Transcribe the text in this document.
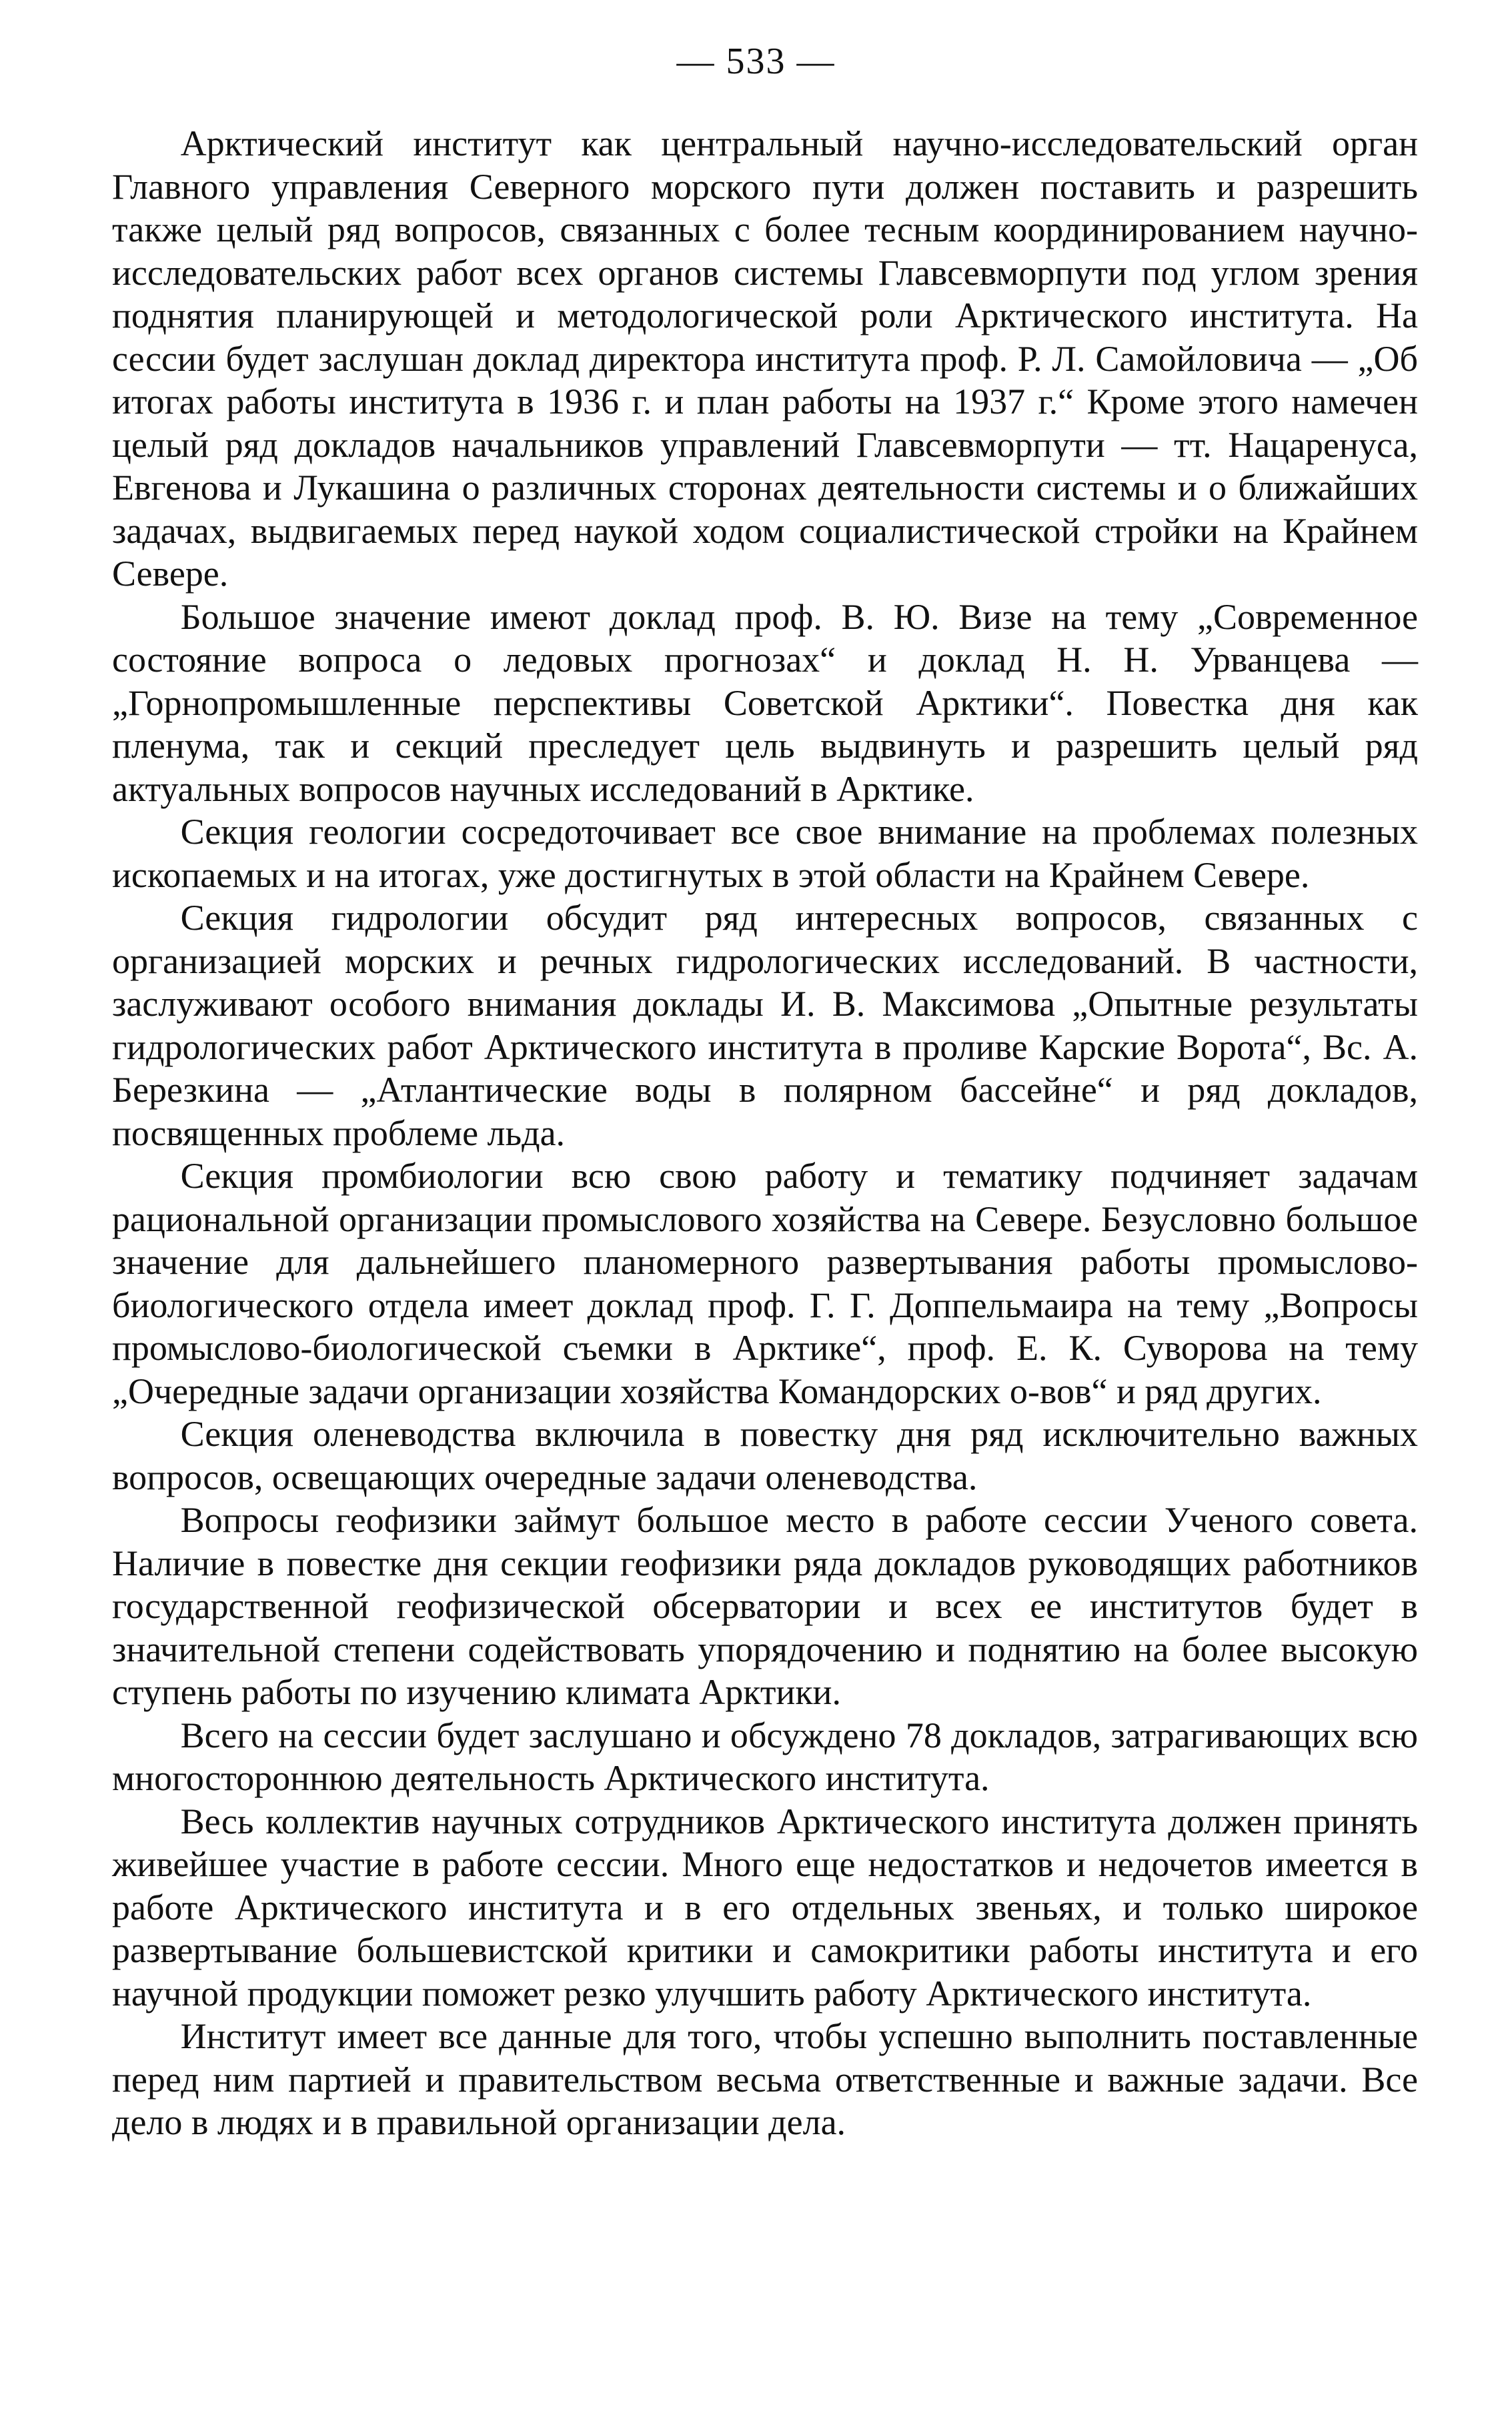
— 533 —

Арктический институт как центральный научно-исследовательский орган Главного управления Северного морского пути должен поставить и разрешить также целый ряд вопросов, связанных с более тесным координированием научно-исследовательских работ всех органов системы Главсевморпути под углом зрения поднятия планирующей и методологической роли Арктического института. На сессии будет заслушан доклад директора института проф. Р. Л. Самойловича — „Об итогах работы института в 1936 г. и план работы на 1937 г.“ Кроме этого намечен целый ряд докладов начальников управлений Главсевморпути — тт. Нацаренуса, Евгенова и Лукашина о различных сторонах деятельности системы и о ближайших задачах, выдвигаемых перед наукой ходом социалистической стройки на Крайнем Севере.

Большое значение имеют доклад проф. В. Ю. Визе на тему „Современное состояние вопроса о ледовых прогнозах“ и доклад Н. Н. Урванцева — „Горнопромышленные перспективы Советской Арктики“. Повестка дня как пленума, так и секций преследует цель выдвинуть и разрешить целый ряд актуальных вопросов научных исследований в Арктике.

Секция геологии сосредоточивает все свое внимание на проблемах полезных ископаемых и на итогах, уже достигнутых в этой области на Крайнем Севере.

Секция гидрологии обсудит ряд интересных вопросов, связанных с организацией морских и речных гидрологических исследований. В частности, заслуживают особого внимания доклады И. В. Максимова „Опытные результаты гидрологических работ Арктического института в проливе Карские Ворота“, Вс. А. Березкина — „Атлантические воды в полярном бассейне“ и ряд докладов, посвященных проблеме льда.

Секция промбиологии всю свою работу и тематику подчиняет задачам рациональной организации промыслового хозяйства на Севере. Безусловно большое значение для дальнейшего планомерного развертывания работы промыслово-биологического отдела имеет доклад проф. Г. Г. Доппельмаира на тему „Вопросы промыслово-биологической съемки в Арктике“, проф. Е. К. Суворова на тему „Очередные задачи организации хозяйства Командорских о-вов“ и ряд других.

Секция оленеводства включила в повестку дня ряд исключительно важных вопросов, освещающих очередные задачи оленеводства.

Вопросы геофизики займут большое место в работе сессии Ученого совета. Наличие в повестке дня секции геофизики ряда докладов руководящих работников государственной геофизической обсерватории и всех ее институтов будет в значительной степени содействовать упорядочению и поднятию на более высокую ступень работы по изучению климата Арктики.

Всего на сессии будет заслушано и обсуждено 78 докладов, затрагивающих всю многостороннюю деятельность Арктического института.

Весь коллектив научных сотрудников Арктического института должен принять живейшее участие в работе сессии. Много еще недостатков и недочетов имеется в работе Арктического института и в его отдельных звеньях, и только широкое развертывание большевистской критики и самокритики работы института и его научной продукции поможет резко улучшить работу Арктического института.

Институт имеет все данные для того, чтобы успешно выполнить поставленные перед ним партией и правительством весьма ответственные и важные задачи. Все дело в людях и в правильной организации дела.
